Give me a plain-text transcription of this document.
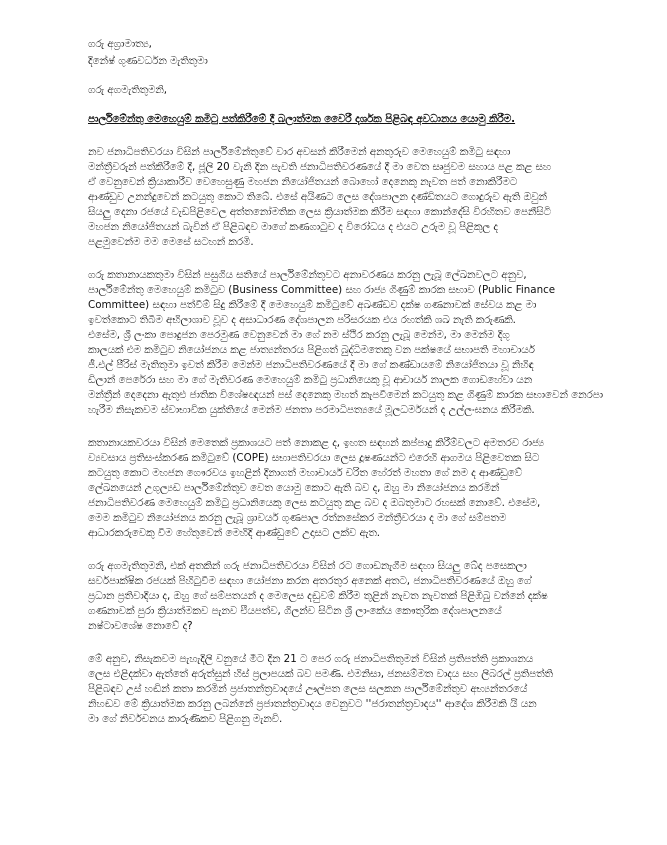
ගරු අග්‍රාමාත්‍ය,
දිනේෂ් ගුණවර්ධන මැතිතුමා
ගරු අගමැතිතුමනි,
පාර්ලිමේන්තු මෙහෙයුම් කමිටු පත්කිරීමේ දී බලාත්මක වෛරී දර්ශක පිළිබඳ අවධානය යොමු කිරීම.
නව ජනාධිපතිවරයා විසින් පාර්ලිමේන්තුවේ වාර අවසන් කිරීමෙන් අනතුරුව මෙහෙයුම් කමිටු සඳහා
මන්ත්‍රීවරුන් පත්කිරීමේ දී, ජූලි 20 වැනි දින පැවති ජනාධිපතිවරණයේ දී මා වෙත සෘජුවම සහාය පළ කළ සහ
ඒ වෙනුවෙන් ක්‍රියාකාරීව වෙහෙසුණු මහජන නියෝජිතයන් බොහෝ දෙනෙකු නැවත පත් නොකිරීමට
ආණ්ඩුව උනන්දුවෙන් කටයුතු කොට තිබේ. එසේ අයිණට ලෙස දේශපාලන දණ්ඩිතයට ගොදුරුව ඇති ඔවුන්
සියලු දෙනා රජයේ වැඩපිළිවෙල අත්තනෝමතික ලෙස ක්‍රියාත්මක කිරීම සඳහා කොන්දේසි විරහිතව පෙනීසිටි
මහජන නියෝජිතයන් බැවින් ඒ පිළිබඳව මාගේ කණගාටුව ද විරෝධය ද එයට උරුම වූ පිළිකුල ද
පළමුවෙන්ම මම මෙසේ සටහන් කරමි.
ගරු කතානායකතුමා විසින් පසුගිය සතියේ පාර්ලිමේන්තුවට අනාවරණය කරනු ලැබූ ලේඛනවලට අනුව,
පාර්ලිමේන්තු මෙහෙයුම් කමිටුව (Business Committee) සහ රාජ්‍ය ගිණුම් කාරක සභාව (Public Finance
Committee) සඳහා පත්වීම් සිදු කිරීමේ දී මෙහෙයුම් කමිටුවේ අඛණ්ඩව දක්ෂ ගණනාවක් සේවය කළ මා
ඉවත්කොට තිබීම අභිලාශාව වූව ද අසාධාරණ දේශපාලන පරිසරයක එය රහත්කි ශඛ නැති කරුණකි.
එසේම, ශ්‍රී ලංකා පොදුජන පෙරමුණ වෙනුවෙන් මා ගේ නම ස්ථිර කරනු ලැබූ මෙන්ම, මා මෙන්ම දිගු
කාලයක් එම කමිටුව නියෝජනය කළ ජාත්‍යන්තරය පිළිගත් බුද්ධිමතෙකු වන පක්ෂයේ සභාපති මහාචාර්ය
ජී.එල් පීරිස් මැතිතුමා ඉවත් කිරීම මෙන්ම ජනාධිපතිවරණයේ දී මා ගේ කණ්ඩායමේ නියෝජිතයා වූ නිහිඳ
ඩිලාන් පෙරේරා සහ මා ගේ මැතිවරණ මෙහෙයුම් කමිටු ප්‍රධානියෙකු වූ ආචාර්ය නාලක ගොඩහේවා යන
මන්ත්‍රීන් දෙදෙනා ඇතුළු ජාතික විශේෂඥයන් පස් දෙනෙකු මහත් කැපවීමෙන් කටයුතු කළ ගිණුම් කාරක සභාවෙන් නෙරපා
හැරීම නිසැකවම ස්වාභාවික යුක්තියේ මෙන්ම ජනතා පරමාධිපත්‍යයේ මූලධර්මයන් ද උල්ලංඝනය කිරීමකි.
කතානායකවරයා විසින් මෙතෙක් ප්‍රකාශයට පත් නොකළ ද, ඉහත සඳහන් කප්පාදු කිරීම්වලට අමතරව රාජ්‍ය
ව්‍යවසාය ප්‍රතිසංස්කරණ කමිටුවේ (COPE) සභාපතිවරයා ලෙස දූෂණයන්ට එරෙහි ආගමය පිළිවෙතක සිට
කටයුතු කොට මහජන ගෞරවය ඉහළින් දිනාගත් මහාචාර්ය චරිත හේරත් මහතා ගේ නම ද ආණ්ඩුවේ
ලේඛනයෙන් උගුල්‍යඩ පාර්ලිමේන්තුව වෙත යොමු කොට ඇති බව ද, ඔහු මා නියෝජනය කරමින්
ජනාධිපතිවරණ මෙහෙයුම් කමිටු ප්‍රධානියෙකු ලෙස කටයුතු කළ බව ද ඔබතුමාට රහසක් නොවේ. එසේම,
මෙම කමිටුව නියෝජනය කරනු ලැබූ ශ්‍රාවර්ය ගුණපාල රත්නසේකර මන්ත්‍රීවරයා ද මා ගේ සම්පතම
ආධාරකරුවෙකු වීම හේතුවෙන් මෙහිදි ආණ්ඩුවේ උදාසට ලක්ව ඇත.
ගරු අගමැතිතුමනි, එක් අතකින් ගරු ජනාධිපතිවරයා විසින් රට ගොඩනැගීම සඳහා සියලු බේද පසෙකලා
සර්වපාක්ෂික රජයක් පිහිටුවීම සඳහා යෝජනා කරන අතරතුර අනෙක් අතට, ජනාධිපතිවරණයේ ඔහු ගේ
ප්‍රධාන ප්‍රතිවාදියා ද, ඔහු ගේ සම්පතයන් ද මෙලෙස දඬුවම් කිරීම තුළින් නැවත නැවතක් පිළිඹිබු වන්නේ දක්ෂ
ගණනාවක් පුරා ක්‍රියාත්මකව පැනව එියපත්ව, ගිලන්ව සිටින ශ්‍රී ලාංකේය කෞතුරික දේශපාලනයේ
නෂ්ටාවශේෂ නොවේ ද?
මේ අනුව, නිසැකවම පැහැදිලි වනුයේ මීට දින 21 ට පෙර ගරු ජනාධිපතිතුමන් විසින් ප්‍රතිපත්ති ප්‍රකාශනය
ලෙස එළිදක්වා ඇත්තේ අරුත්සුන් හිස් ප්‍රලාපයක් බව පමණි. එමනිසා, ජනසම්මත වාදය සහ ලිබරල් ප්‍රතිපත්ති
පිළිබඳව උස් හඬින් කතා කරමින් ප්‍රජාතන්ත්‍රවාදයේ ඌල්පත ලෙස සලකන පාර්ලිමේන්තුව අභ්‍යන්තරයේ
නිහඬව මේ ක්‍රියාත්මක කරනු ලබන්නේ ප්‍රජාතන්ත්‍රවාදය වෙනුවට ''ජරාතන්ත්‍රවාදය'' ආදේශ කිරීමකි යි යන
මා ගේ නිර්වචනය කාරුණිකව පිළිගනු මැනවි.
